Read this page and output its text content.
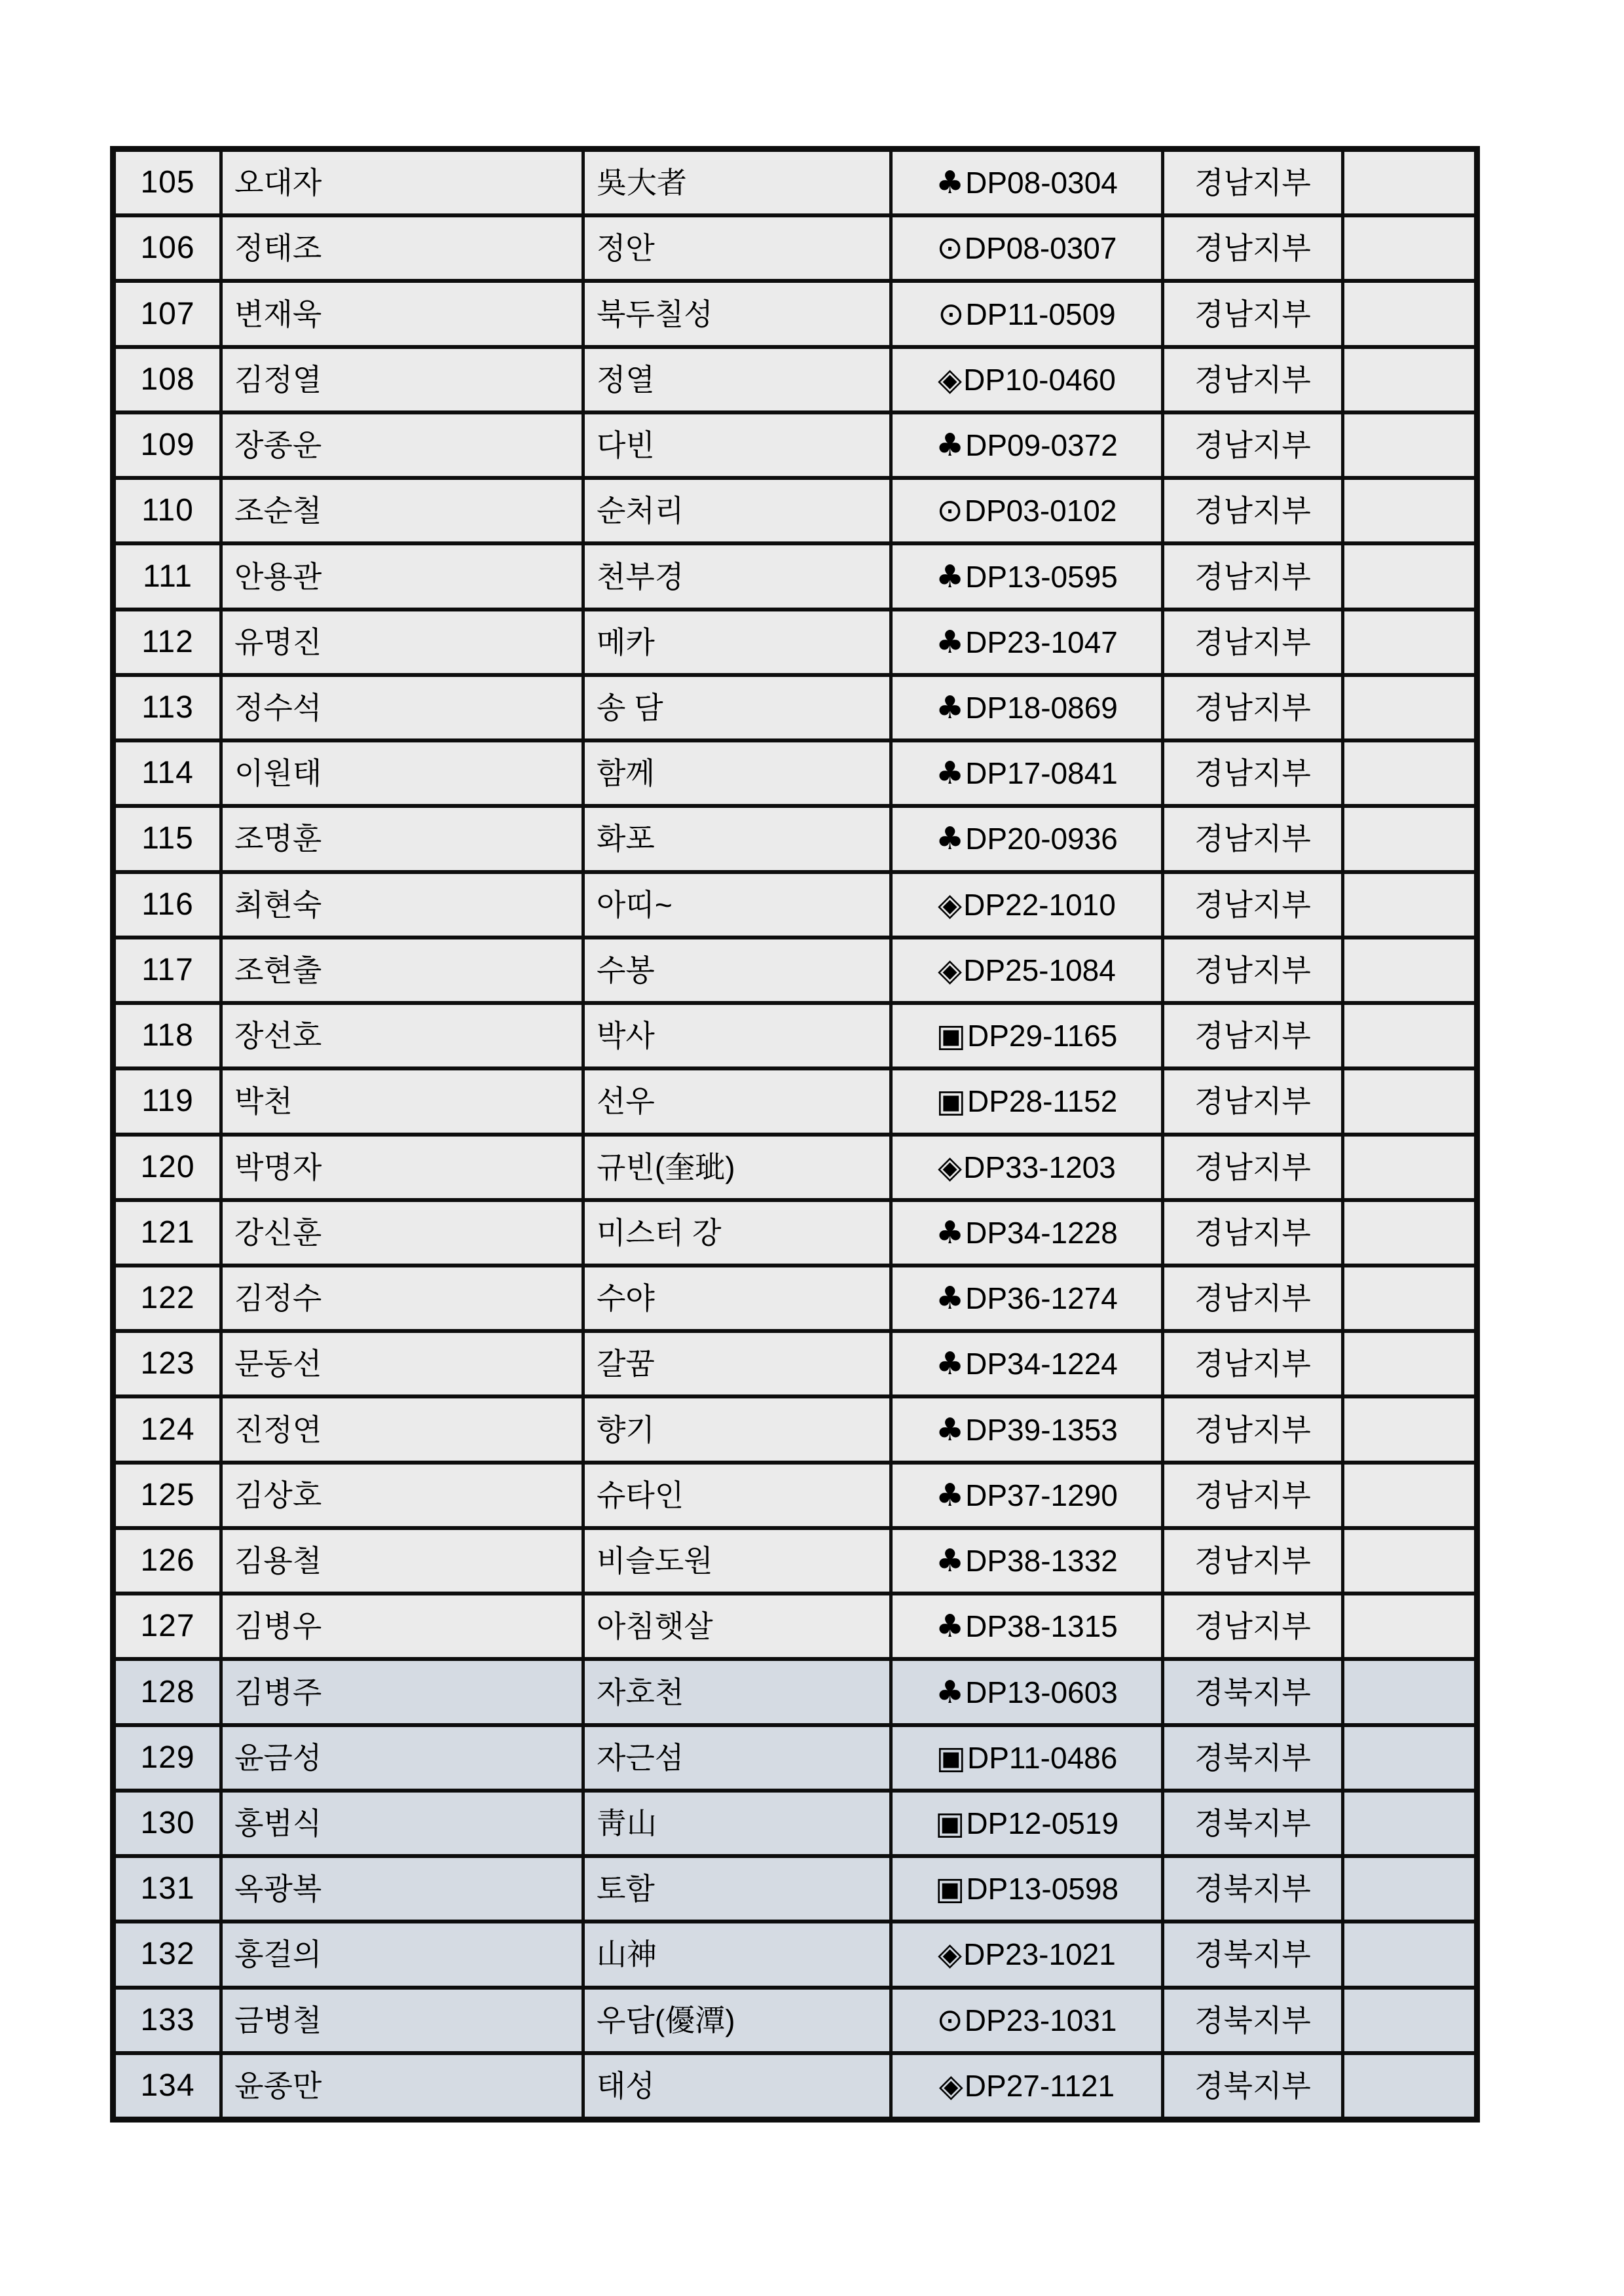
105	오대자	吳大者	♣ DP08-0304	경남지부
106	정태조	정안	⊙ DP08-0307	경남지부
107	변재욱	북두칠성	⊙ DP11-0509	경남지부
108	김정열	정열	◈ DP10-0460	경남지부
109	장종운	다빈	♣ DP09-0372	경남지부
110	조순철	순처리	⊙ DP03-0102	경남지부
111	안용관	천부경	♣ DP13-0595	경남지부
112	유명진	메카	♣ DP23-1047	경남지부
113	정수석	송 담	♣ DP18-0869	경남지부
114	이원태	함께	♣ DP17-0841	경남지부
115	조명훈	화포	♣ DP20-0936	경남지부
116	최현숙	아띠~	◈ DP22-1010	경남지부
117	조현출	수봉	◈ DP25-1084	경남지부
118	장선호	박사	▣ DP29-1165	경남지부
119	박천	선우	▣ DP28-1152	경남지부
120	박명자	규빈(奎玼)	◈ DP33-1203	경남지부
121	강신훈	미스터 강	♣ DP34-1228	경남지부
122	김정수	수야	♣ DP36-1274	경남지부
123	문동선	갈꿈	♣ DP34-1224	경남지부
124	진정연	향기	♣ DP39-1353	경남지부
125	김상호	슈타인	♣ DP37-1290	경남지부
126	김용철	비슬도원	♣ DP38-1332	경남지부
127	김병우	아침햇살	♣ DP38-1315	경남지부
128	김병주	자호천	♣ DP13-0603	경북지부
129	윤금성	자근섬	▣ DP11-0486	경북지부
130	홍범식	靑山	▣ DP12-0519	경북지부
131	옥광복	토함	▣ DP13-0598	경북지부
132	홍걸의	山神	◈ DP23-1021	경북지부
133	금병철	우담(優潭)	⊙ DP23-1031	경북지부
134	윤종만	태성	◈ DP27-1121	경북지부
